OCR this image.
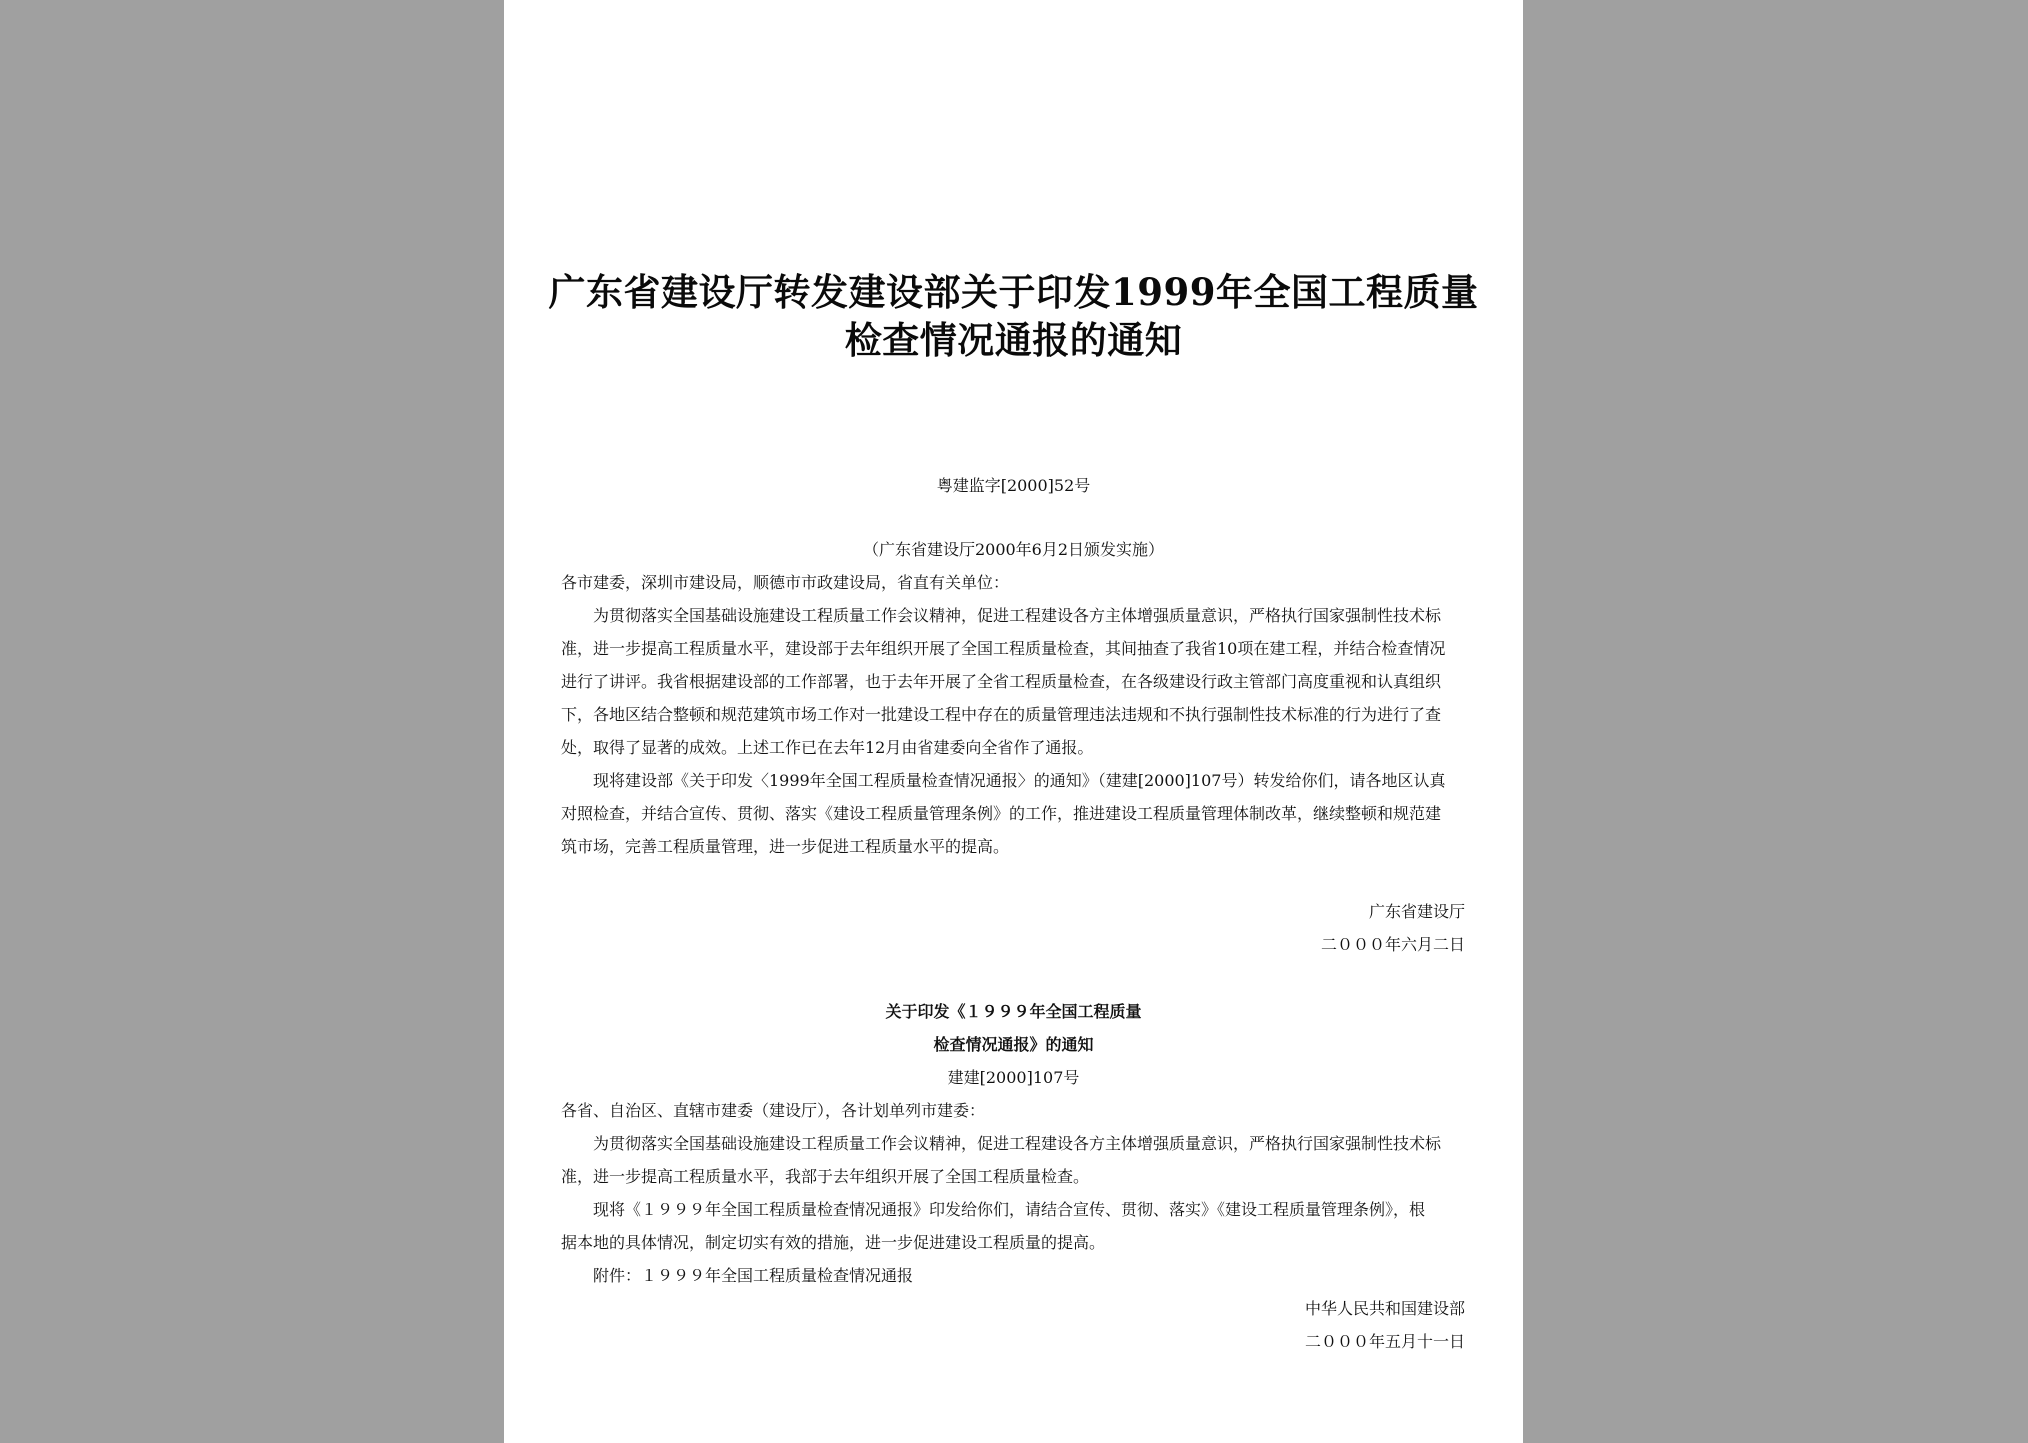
广东省建设厅转发建设部关于印发1999年全国工程质量
检查情况通报的通知
粤建监字[2000]52号
（广东省建设厅2000年6月2日颁发实施）
各市建委，深圳市建设局，顺德市市政建设局，省直有关单位：
为贯彻落实全国基础设施建设工程质量工作会议精神，促进工程建设各方主体增强质量意识，严格执行国家强制性技术标
准，进一步提高工程质量水平，建设部于去年组织开展了全国工程质量检查，其间抽查了我省10项在建工程，并结合检查情况
进行了讲评。我省根据建设部的工作部署，也于去年开展了全省工程质量检查，在各级建设行政主管部门高度重视和认真组织
下，各地区结合整顿和规范建筑市场工作对一批建设工程中存在的质量管理违法违规和不执行强制性技术标准的行为进行了查
处，取得了显著的成效。上述工作已在去年12月由省建委向全省作了通报。
现将建设部《关于印发〈1999年全国工程质量检查情况通报〉的通知》（建建[2000]107号）转发给你们，请各地区认真
对照检查，并结合宣传、贯彻、落实《建设工程质量管理条例》的工作，推进建设工程质量管理体制改革，继续整顿和规范建
筑市场，完善工程质量管理，进一步促进工程质量水平的提高。
广东省建设厅
二０００年六月二日
关于印发《１９９９年全国工程质量
检查情况通报》的通知
建建[2000]107号
各省、自治区、直辖市建委（建设厅），各计划单列市建委：
为贯彻落实全国基础设施建设工程质量工作会议精神，促进工程建设各方主体增强质量意识，严格执行国家强制性技术标
准，进一步提高工程质量水平，我部于去年组织开展了全国工程质量检查。
现将《１９９９年全国工程质量检查情况通报》印发给你们，请结合宣传、贯彻、落实》《建设工程质量管理条例》，根
据本地的具体情况，制定切实有效的措施，进一步促进建设工程质量的提高。
附件：１９９９年全国工程质量检查情况通报
中华人民共和国建设部
二０００年五月十一日
